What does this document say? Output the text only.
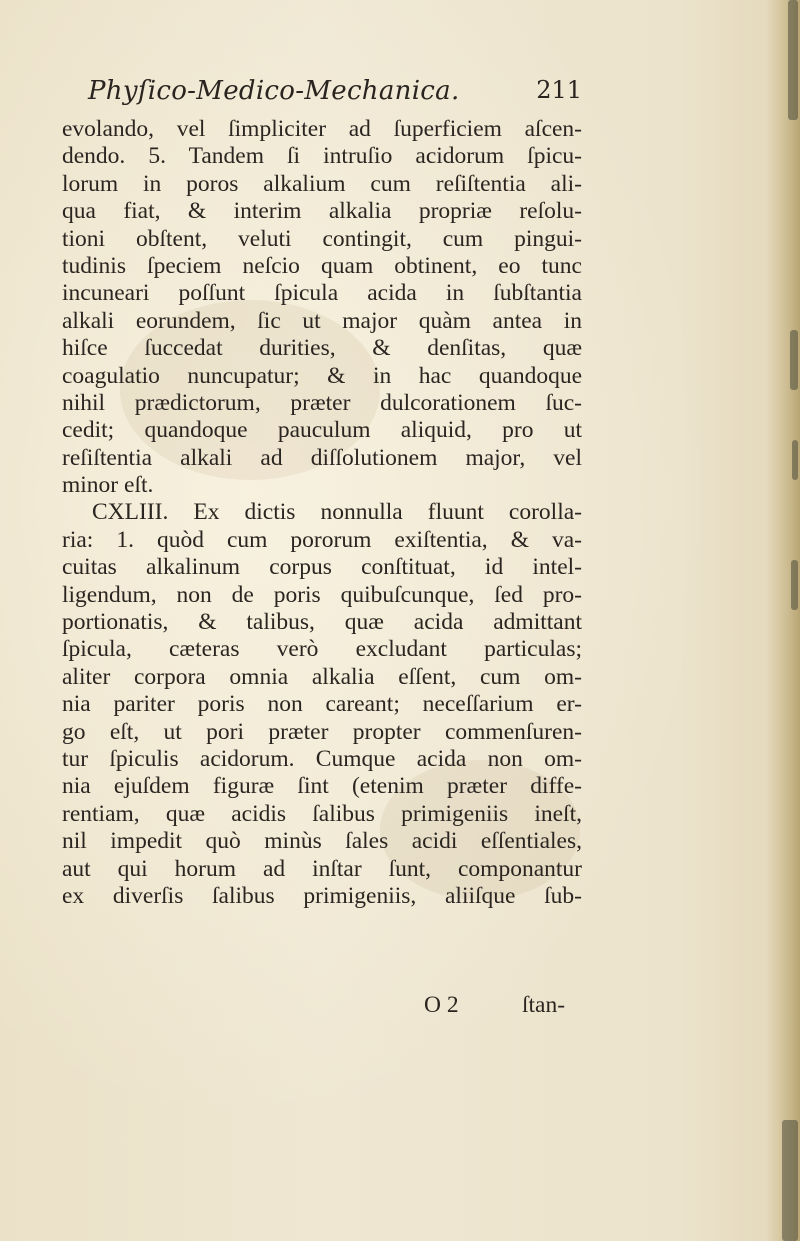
Phyſico-Medico-Mechanica.	211
evolando, vel ſimpliciter ad ſuperficiem aſcen-
dendo. 5. Tandem ſi intruſio acidorum ſpicu-
lorum in poros alkalium cum reſiſtentia ali-
qua fiat, & interim alkalia propriæ reſolu-
tioni obſtent, veluti contingit, cum pingui-
tudinis ſpeciem neſcio quam obtinent, eo tunc
incuneari poſſunt ſpicula acida in ſubſtantia
alkali eorundem, ſic ut major quàm antea in
hiſce ſuccedat durities, & denſitas, quæ
coagulatio nuncupatur; & in hac quandoque
nihil prædictorum, præter dulcorationem ſuc-
cedit; quandoque pauculum aliquid, pro ut
reſiſtentia alkali ad diſſolutionem major, vel
minor eſt.
CXLIII. Ex dictis nonnulla fluunt corolla-
ria: 1. quòd cum pororum exiſtentia, & va-
cuitas alkalinum corpus conſtituat, id intel-
ligendum, non de poris quibuſcunque, ſed pro-
portionatis, & talibus, quæ acida admittant
ſpicula, cæteras verò excludant particulas;
aliter corpora omnia alkalia eſſent, cum om-
nia pariter poris non careant; neceſſarium er-
go eſt, ut pori præter propter commenſuren-
tur ſpiculis acidorum. Cumque acida non om-
nia ejuſdem figuræ ſint (etenim præter diffe-
rentiam, quæ acidis ſalibus primigeniis ineſt,
nil impedit quò minùs ſales acidi eſſentiales,
aut qui horum ad inſtar ſunt, componantur
ex diverſis ſalibus primigeniis, aliiſque ſub-
O 2	ſtan-
